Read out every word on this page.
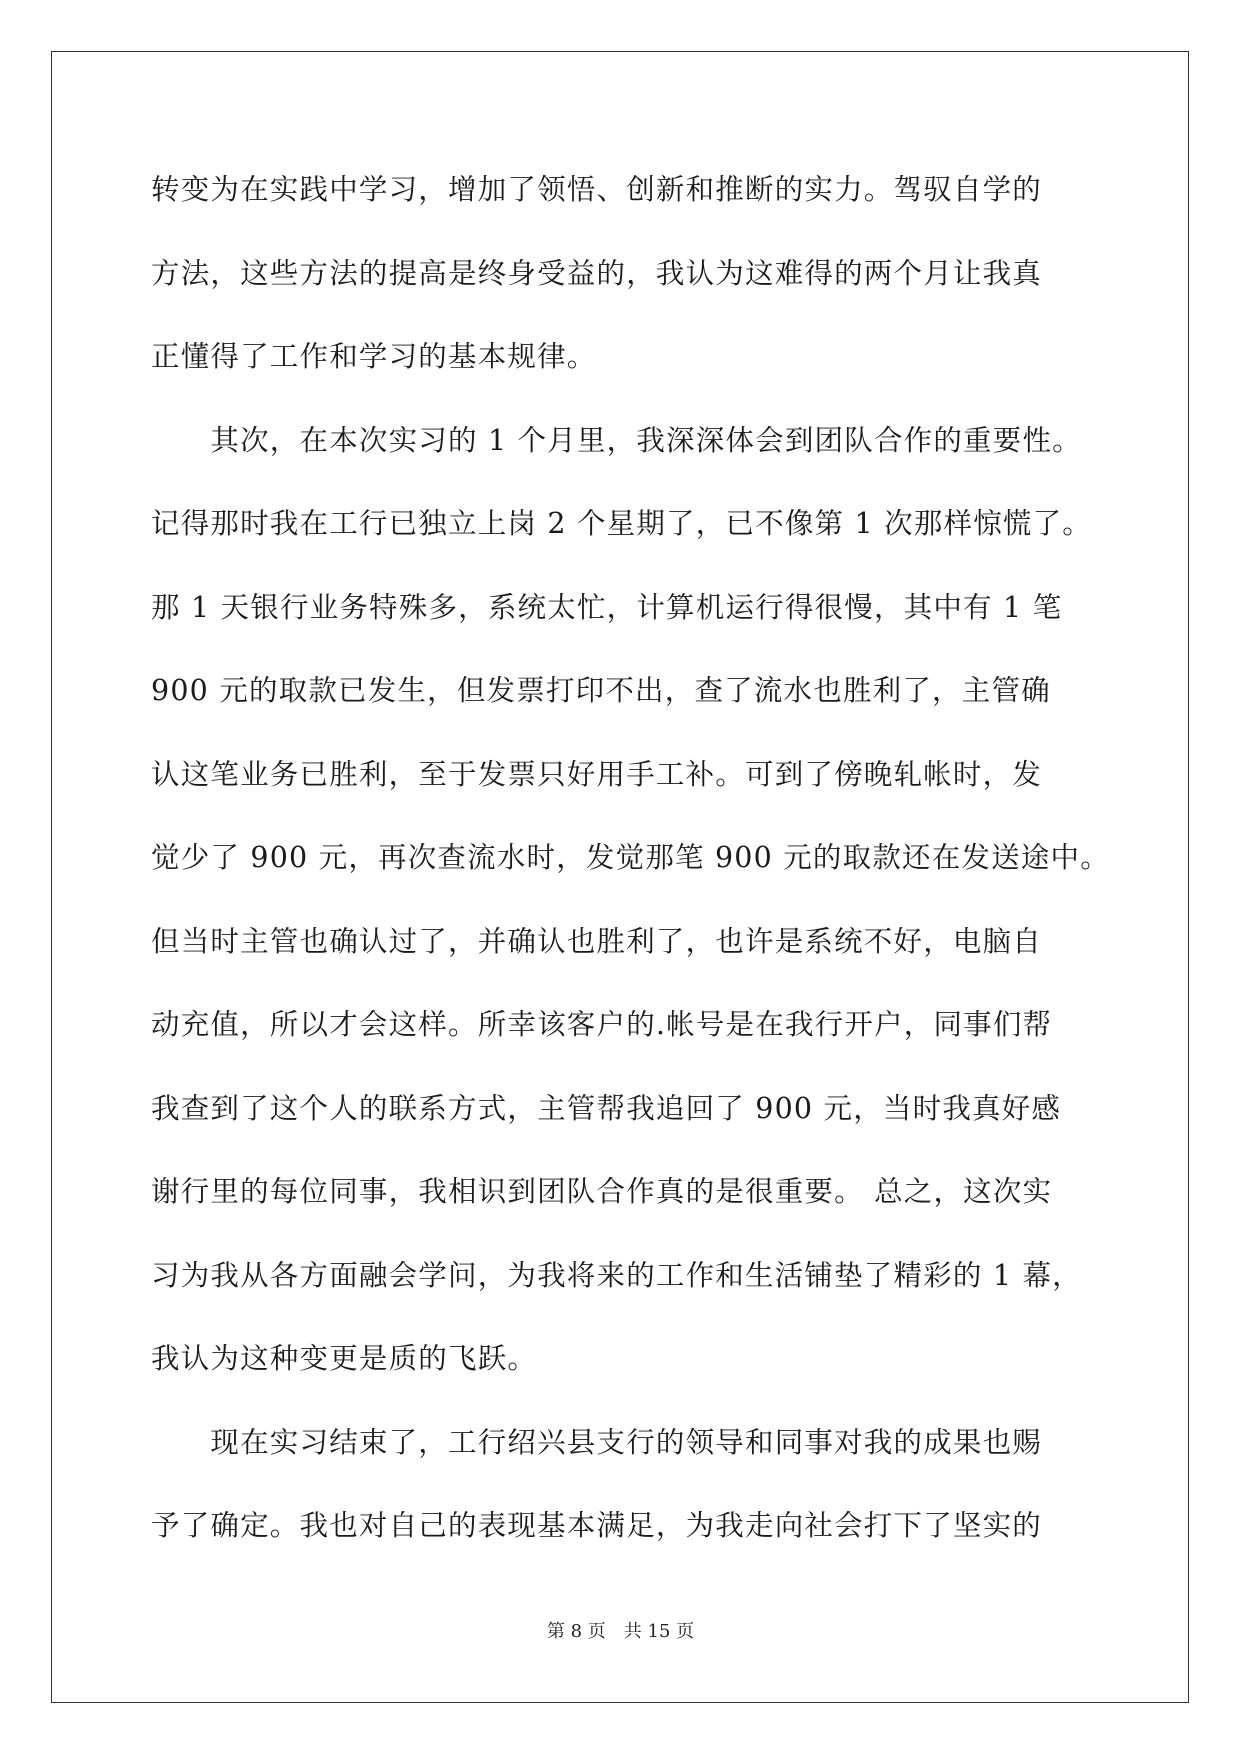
转变为在实践中学习，增加了领悟、创新和推断的实力。驾驭自学的
方法，这些方法的提高是终身受益的，我认为这难得的两个月让我真
正懂得了工作和学习的基本规律。
　　其次，在本次实习的 1 个月里，我深深体会到团队合作的重要性。
记得那时我在工行已独立上岗 2 个星期了，已不像第 1 次那样惊慌了。
那 1 天银行业务特殊多，系统太忙，计算机运行得很慢，其中有 1 笔
900 元的取款已发生，但发票打印不出，查了流水也胜利了，主管确
认这笔业务已胜利，至于发票只好用手工补。可到了傍晚轧帐时，发
觉少了 900 元，再次查流水时，发觉那笔 900 元的取款还在发送途中。
但当时主管也确认过了，并确认也胜利了，也许是系统不好，电脑自
动充值，所以才会这样。所幸该客户的.帐号是在我行开户，同事们帮
我查到了这个人的联系方式，主管帮我追回了 900 元，当时我真好感
谢行里的每位同事，我相识到团队合作真的是很重要。 总之，这次实
习为我从各方面融会学问，为我将来的工作和生活铺垫了精彩的 1 幕，
我认为这种变更是质的飞跃。
　　现在实习结束了，工行绍兴县支行的领导和同事对我的成果也赐
予了确定。我也对自己的表现基本满足，为我走向社会打下了坚实的
第 8 页 共 15 页
